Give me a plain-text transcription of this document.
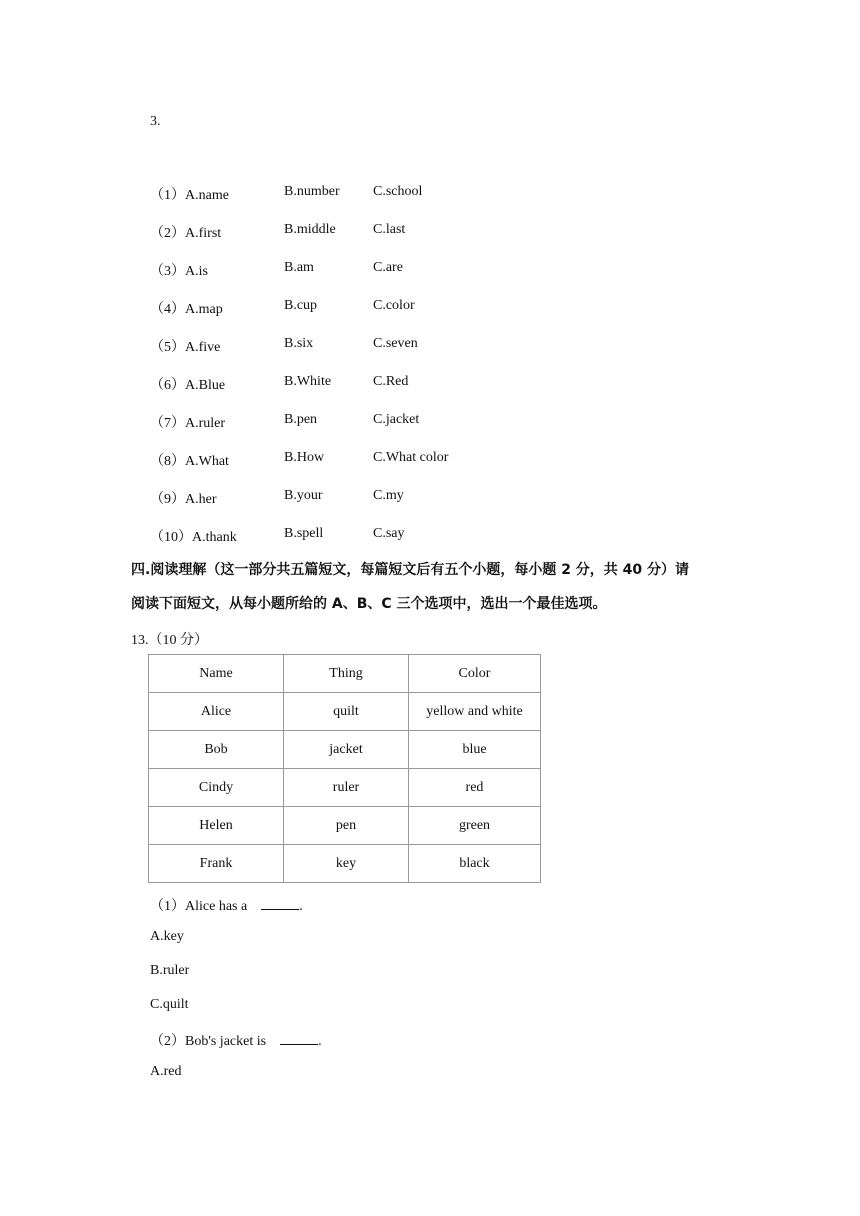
3.
（1）A.name	B.number C.school
（2）A.first	B.middle	C.last
（3）A.is	B.am	C.are
（4）A.map	B.cup	C.color
（5）A.five	B.six	C.seven
（6）A.Blue	B.White	C.Red
（7）A.ruler	B.pen	C.jacket
（8）A.What	B.How	C.What color
（9）A.her	B.your	C.my
（10）A.thank	B.spell	C.say
四.阅读理解（这一部分共五篇短文，每篇短文后有五个小题，每小题 2 分，共 40 分）请
阅读下面短文，从每小题所给的 A、B、C 三个选项中，选出一个最佳选项。
13.（10 分）
Name	Thing	Color
Alice	quilt	yellow and white
Bob	jacket	blue
Cindy	ruler	red
Helen	pen	green
Frank	key	black
（1）Alice has a	.
A.key
B.ruler
C.quilt
（2）Bob's jacket is	.
A.red
